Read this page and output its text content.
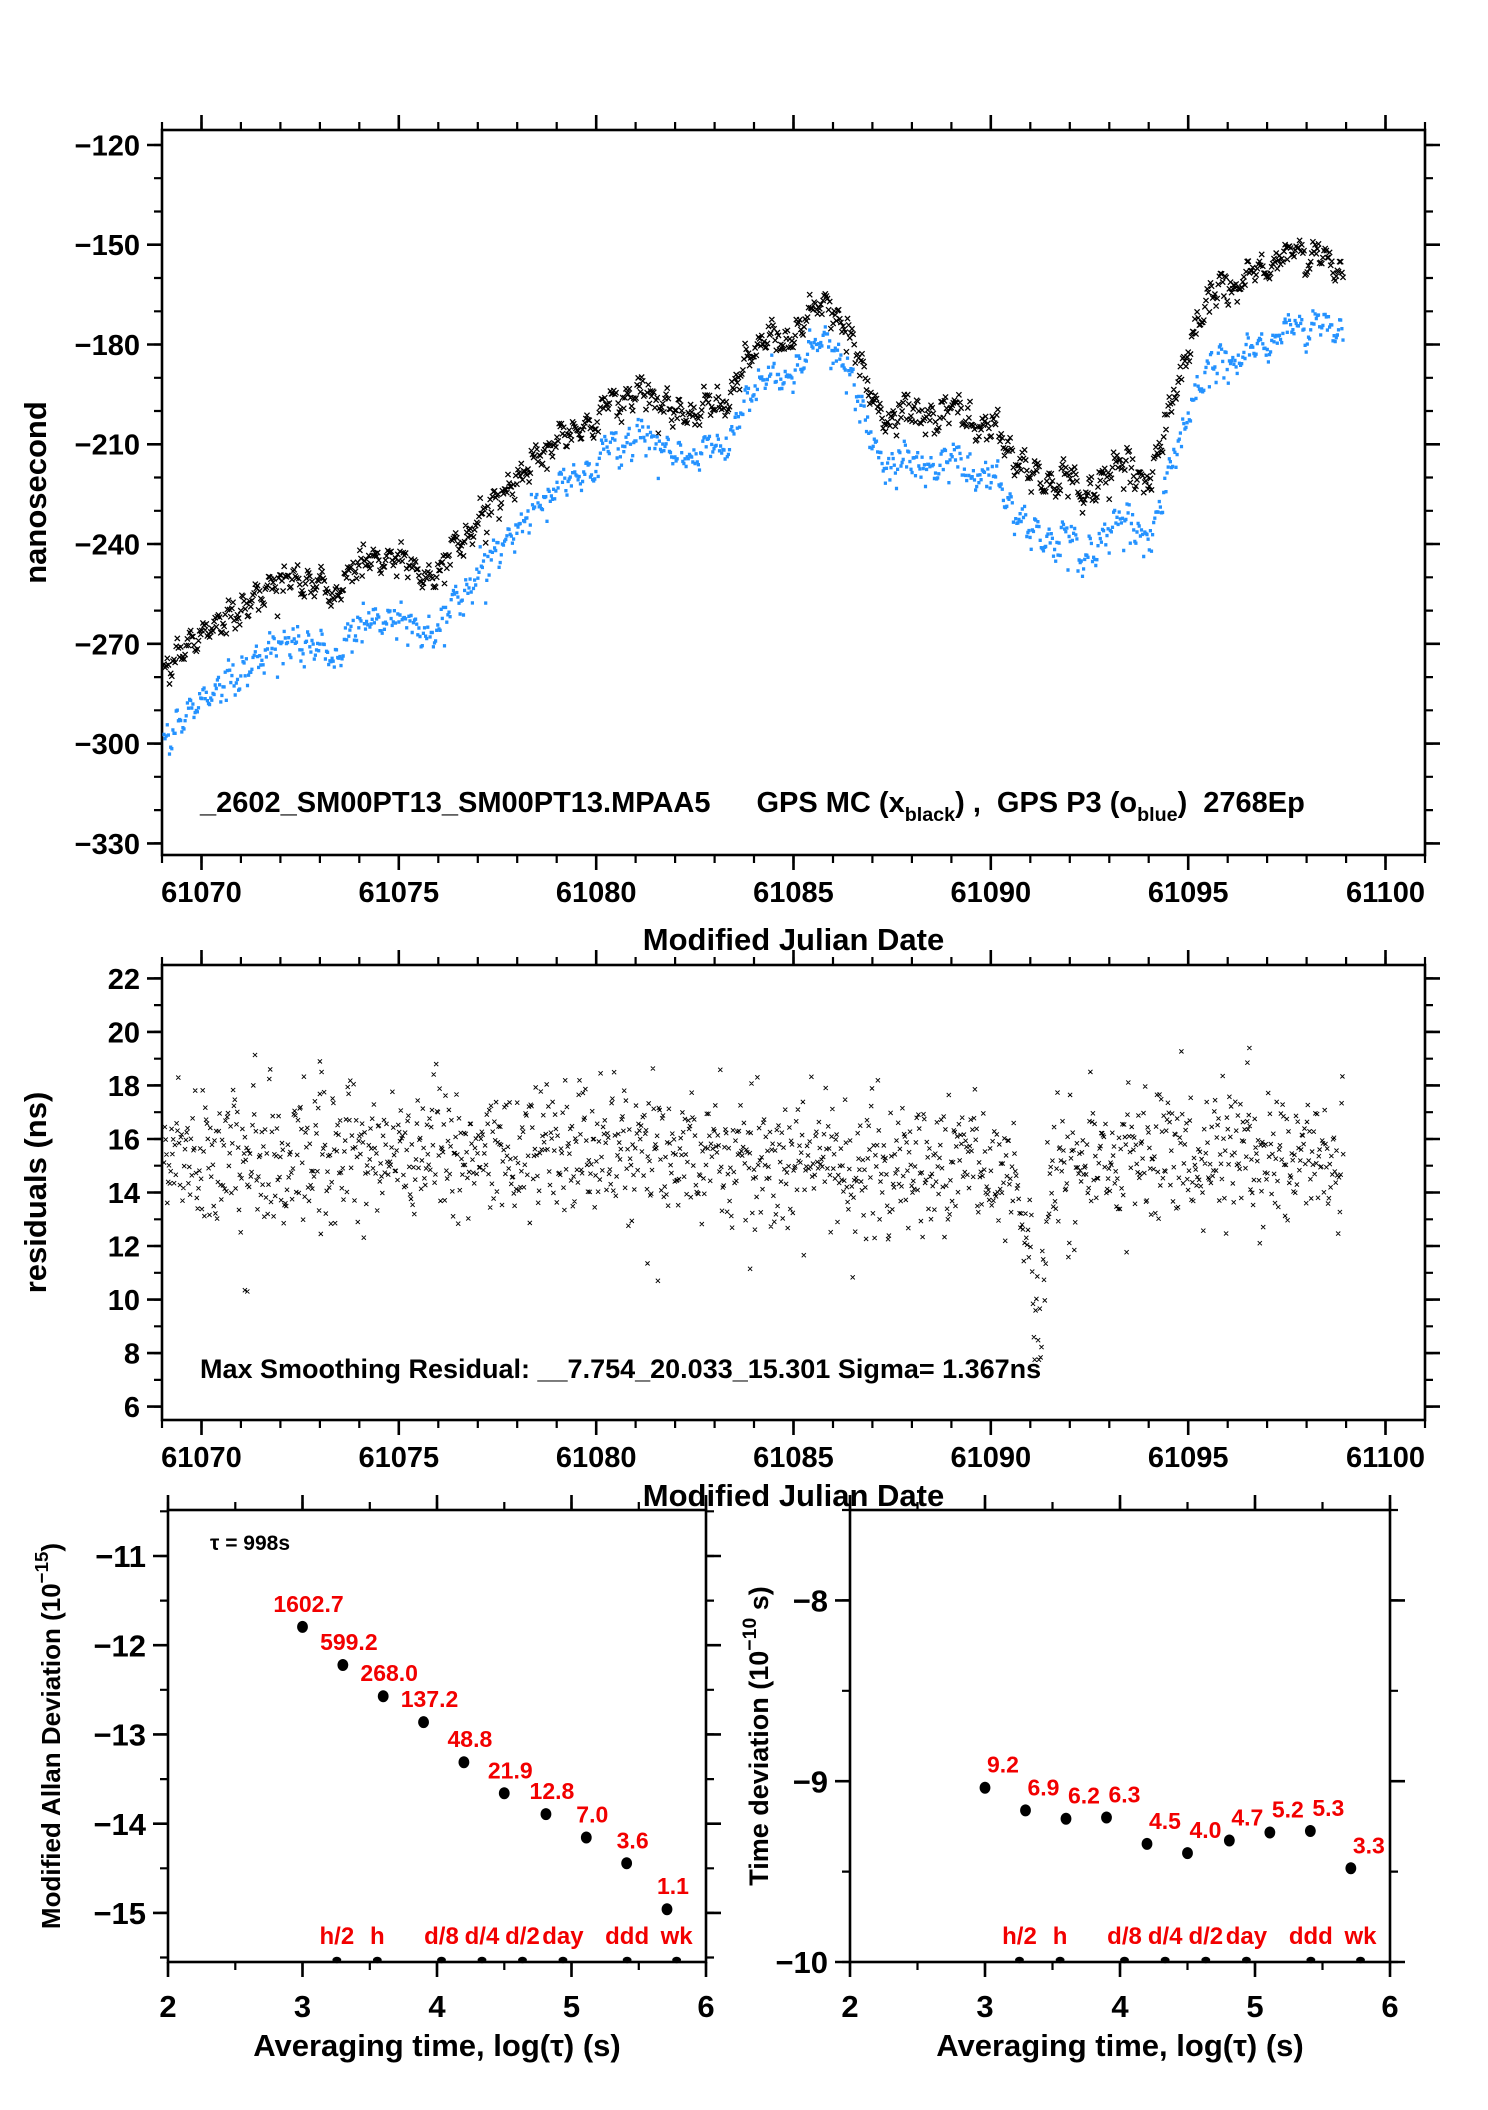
61070	61075	61080	61085	61090	61095	61100
−120
−150
−180
−210
−240
−270
−300
−330
Modified Julian Date
nanosecond
_2602_SM00PT13_SM00PT13.MPAA5 GPS MC $(x_{black})$ , GPS P3 $(o_{blue})$ 2768Ep
61070	61075	61080	61085	61090	61095	61100
6
8
10
12
14
16
18
20
22
Modified Julian Date
residuals (ns)
Max Smoothing Residual: __7.754_20.033_15.301 Sigma= 1.367ns
2	3	4	5	6
−11
−12
−13
−14
−15
Averaging time, log(τ) (s)
Modified Allan Deviation $(10^{-15})$
1602.7
599.2
268.0
137.2
48.8
21.9
12.8
7.0
3.6
1.1
h/2 h d/8 d/4 d/2 day ddd wk
τ = 998s
2	3	4	5	6
−8
−9
−10
Averaging time, log(τ) (s)
Time deviation ($10^{-10}$ s)
9.2
6.9 6.2 6.3
4.5 4.0 4.7 5.2 5.3
3.3
h/2 h d/8 d/4 d/2 day ddd wk
